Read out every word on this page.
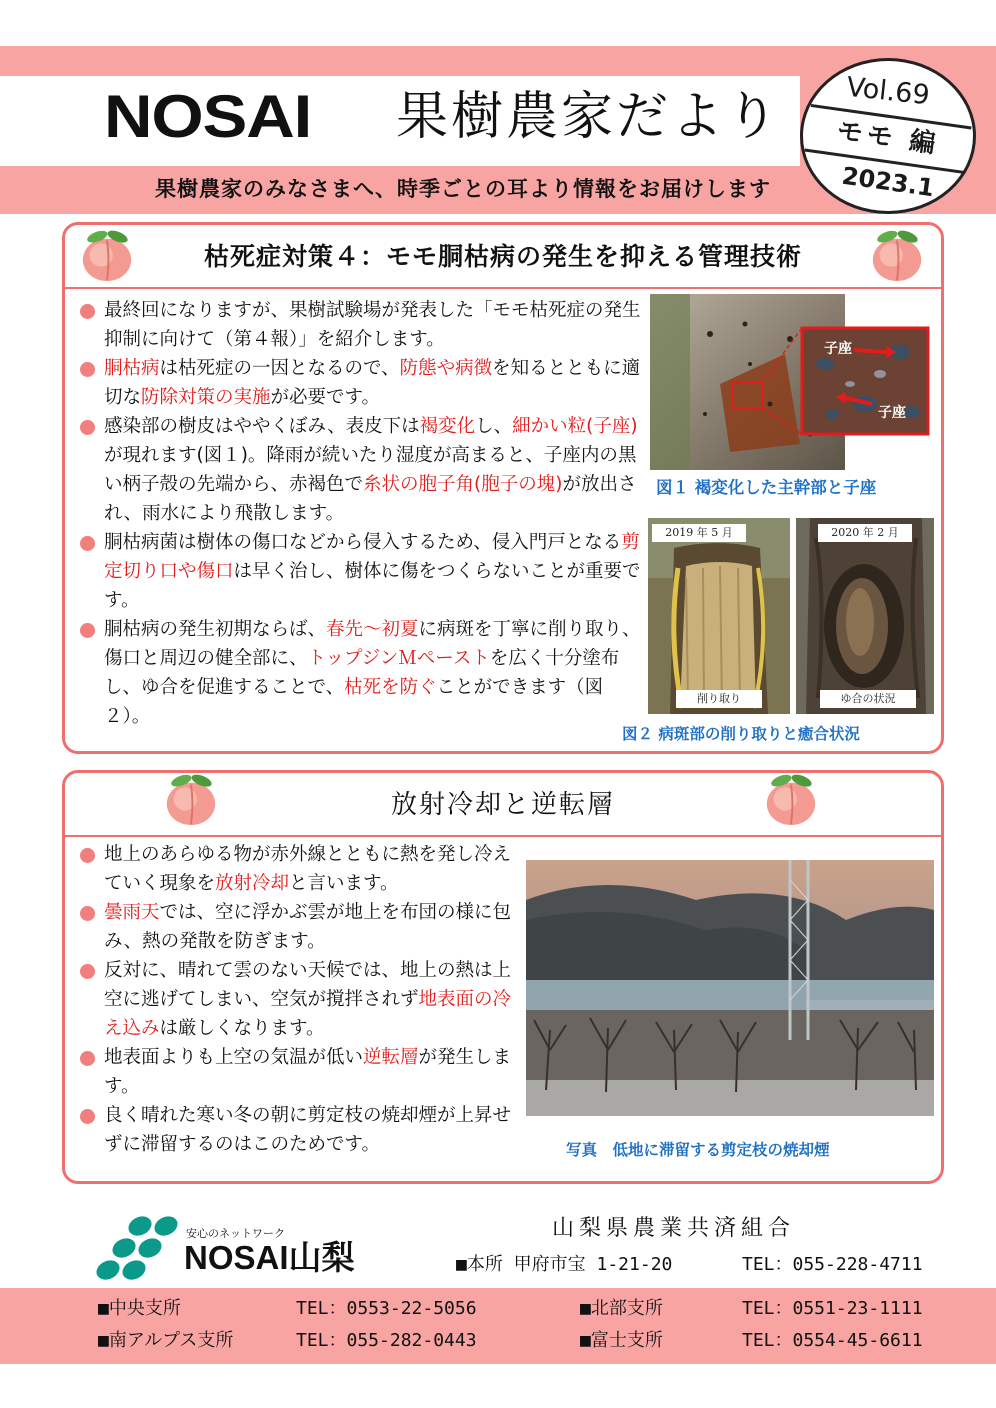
NOSAI 果樹農家だより
果樹農家のみなさまへ、時季ごとの耳より情報をお届けします
Vol.69
モモ 編
2023.1
枯死症対策４：モモ胴枯病の発生を抑える管理技術
最終回になりますが、果樹試験場が発表した「モモ枯死症の発生抑制に向けて（第４報）」を紹介します。
胴枯病は枯死症の一因となるので、防態や病徴を知るとともに適切な防除対策の実施が必要です。
感染部の樹皮はややくぼみ、表皮下は褐変化し、細かい粒(子座)が現れます(図１)。降雨が続いたり湿度が高まると、子座内の黒い柄子殻の先端から、赤褐色で糸状の胞子角(胞子の塊)が放出され、雨水により飛散します。
胴枯病菌は樹体の傷口などから侵入するため、侵入門戸となる剪定切り口や傷口は早く治し、樹体に傷をつくらないことが重要です。
胴枯病の発生初期ならば、春先～初夏に病斑を丁寧に削り取り、傷口と周辺の健全部に、トップジンＭペーストを広く十分塗布し、ゆ合を促進することで、枯死を防ぐことができます（図２）。
子座
子座
図１ 褐変化した主幹部と子座
2019 年 5 月	2020 年 2 月
削り取り	ゆ合の状況
図２ 病斑部の削り取りと癒合状況
放射冷却と逆転層
地上のあらゆる物が赤外線とともに熱を発し冷えていく現象を放射冷却と言います。
曇雨天では、空に浮かぶ雲が地上を布団の様に包み、熱の発散を防ぎます。
反対に、晴れて雲のない天候では、地上の熱は上空に逃げてしまい、空気が撹拌されず地表面の冷え込みは厳しくなります。
地表面よりも上空の気温が低い逆転層が発生します。
良く晴れた寒い冬の朝に剪定枝の焼却煙が上昇せずに滞留するのはこのためです。	写真　低地に滞留する剪定枝の焼却煙
安心のネットワーク
NOSAI山梨
山梨県農業共済組合
■本所 甲府市宝 1-21-20	TEL：055-228-4711
■中央支所	TEL：0553-22-5056	■北部支所	TEL：0551-23-1111
■南アルプス支所	TEL：055-282-0443	■富士支所	TEL：0554-45-6611
